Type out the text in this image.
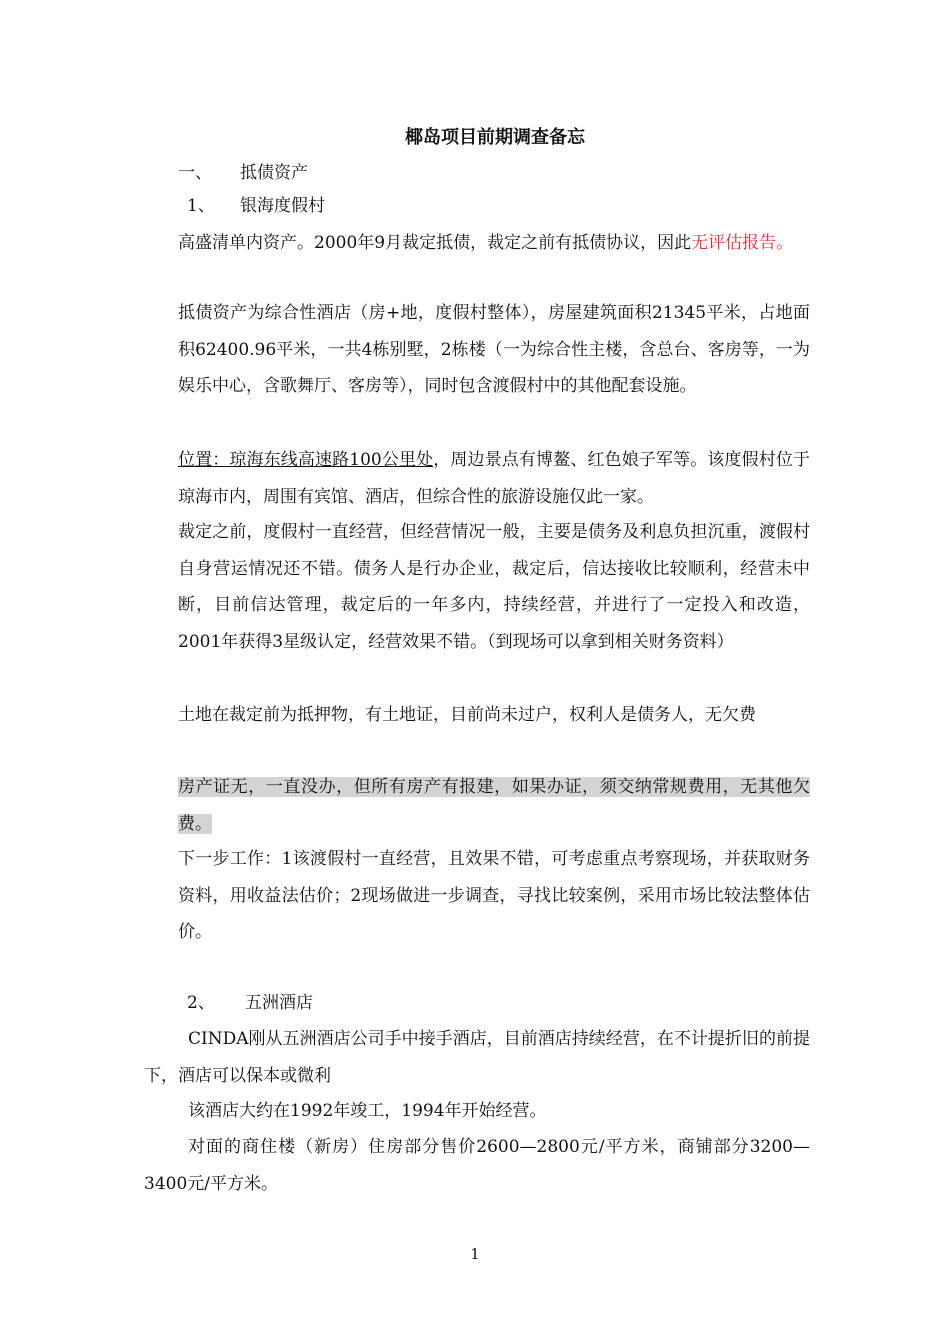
椰岛项目前期调查备忘
一、 抵债资产
1、 银海度假村

高盛清单内资产。2000年9月裁定抵债，裁定之前有抵债协议，因此无评估报告。

抵债资产为综合性酒店（房+地，度假村整体），房屋建筑面积21345平米，占地面积62400.96平米，一共4栋别墅，2栋楼（一为综合性主楼，含总台、客房等，一为娱乐中心，含歌舞厅、客房等），同时包含渡假村中的其他配套设施。

位置：琼海东线高速路100公里处，周边景点有博鳌、红色娘子军等。该度假村位于琼海市内，周围有宾馆、酒店，但综合性的旅游设施仅此一家。

裁定之前，度假村一直经营，但经营情况一般，主要是债务及利息负担沉重，渡假村自身营运情况还不错。债务人是行办企业，裁定后，信达接收比较顺利，经营未中断，目前信达管理，裁定后的一年多内，持续经营，并进行了一定投入和改造，2001年获得3星级认定，经营效果不错。（到现场可以拿到相关财务资料）

土地在裁定前为抵押物，有土地证，目前尚未过户，权利人是债务人，无欠费

房产证无，一直没办，但所有房产有报建，如果办证，须交纳常规费用，无其他欠费。

下一步工作：1该渡假村一直经营，且效果不错，可考虑重点考察现场，并获取财务资料，用收益法估价；2现场做进一步调查，寻找比较案例，采用市场比较法整体估价。

2、 五洲酒店

CINDA刚从五洲酒店公司手中接手酒店，目前酒店持续经营，在不计提折旧的前提下，酒店可以保本或微利

该酒店大约在1992年竣工，1994年开始经营。

对面的商住楼（新房）住房部分售价2600—2800元/平方米，商铺部分3200—3400元/平方米。

1
